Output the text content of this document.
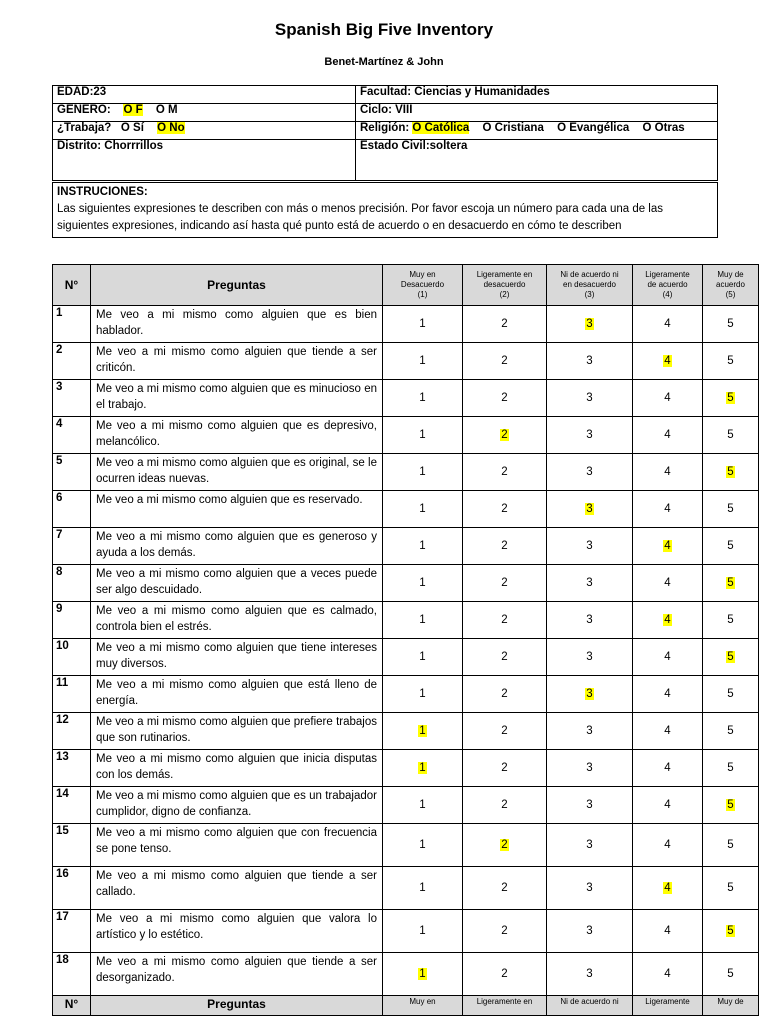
Spanish Big Five Inventory
Benet-Martínez & John
EDAD:23	Facultad: Ciencias y Humanidades
GENERO: O F O M	Ciclo: VIII
¿Trabaja? O Sí O No	Religión: O Católica O Cristiana O Evangélica O Otras
Distrito: Chorrrillos	Estado Civil:soltera
INSTRUCIONES:
Las siguientes expresiones te describen con más o menos precisión. Por favor escoja un número para cada una de las siguientes expresiones, indicando así hasta qué punto está de acuerdo o en desacuerdo en cómo te describen
N°	Preguntas	Muy en
Desacuerdo
(1)	Ligeramente en
desacuerdo
(2)	Ni de acuerdo ni
en desacuerdo
(3)	Ligeramente
de acuerdo
(4)	Muy de
acuerdo
(5)
1	Me veo a mi mismo como alguien que es bien hablador.	1	2	3	4	5
2	Me veo a mi mismo como alguien que tiende a ser criticón.	1	2	3	4	5
3	Me veo a mi mismo como alguien que es minucioso en el trabajo.	1	2	3	4	5
4	Me veo a mi mismo como alguien que es depresivo, melancólico.	1	2	3	4	5
5	Me veo a mi mismo como alguien que es original, se le ocurren ideas nuevas.	1	2	3	4	5
6	Me veo a mi mismo como alguien que es reservado.	1	2	3	4	5
7	Me veo a mi mismo como alguien que es generoso y ayuda a los demás.	1	2	3	4	5
8	Me veo a mi mismo como alguien que a veces puede ser algo descuidado.	1	2	3	4	5
9	Me veo a mi mismo como alguien que es calmado, controla bien el estrés.	1	2	3	4	5
10	Me veo a mi mismo como alguien que tiene intereses muy diversos.	1	2	3	4	5
11	Me veo a mi mismo como alguien que está lleno de energía.	1	2	3	4	5
12	Me veo a mi mismo como alguien que prefiere trabajos que son rutinarios.	1	2	3	4	5
13	Me veo a mi mismo como alguien que inicia disputas con los demás.	1	2	3	4	5
14	Me veo a mi mismo como alguien que es un trabajador cumplidor, digno de confianza.	1	2	3	4	5
15	Me veo a mi mismo como alguien que con frecuencia se pone tenso.	1	2	3	4	5
16	Me veo a mi mismo como alguien que tiende a ser callado.	1	2	3	4	5
17	Me veo a mi mismo como alguien que valora lo artístico y lo estético.	1	2	3	4	5
18	Me veo a mi mismo como alguien que tiende a ser desorganizado.	1	2	3	4	5
N°	Preguntas	Muy en	Ligeramente en	Ni de acuerdo ni	Ligeramente	Muy de
